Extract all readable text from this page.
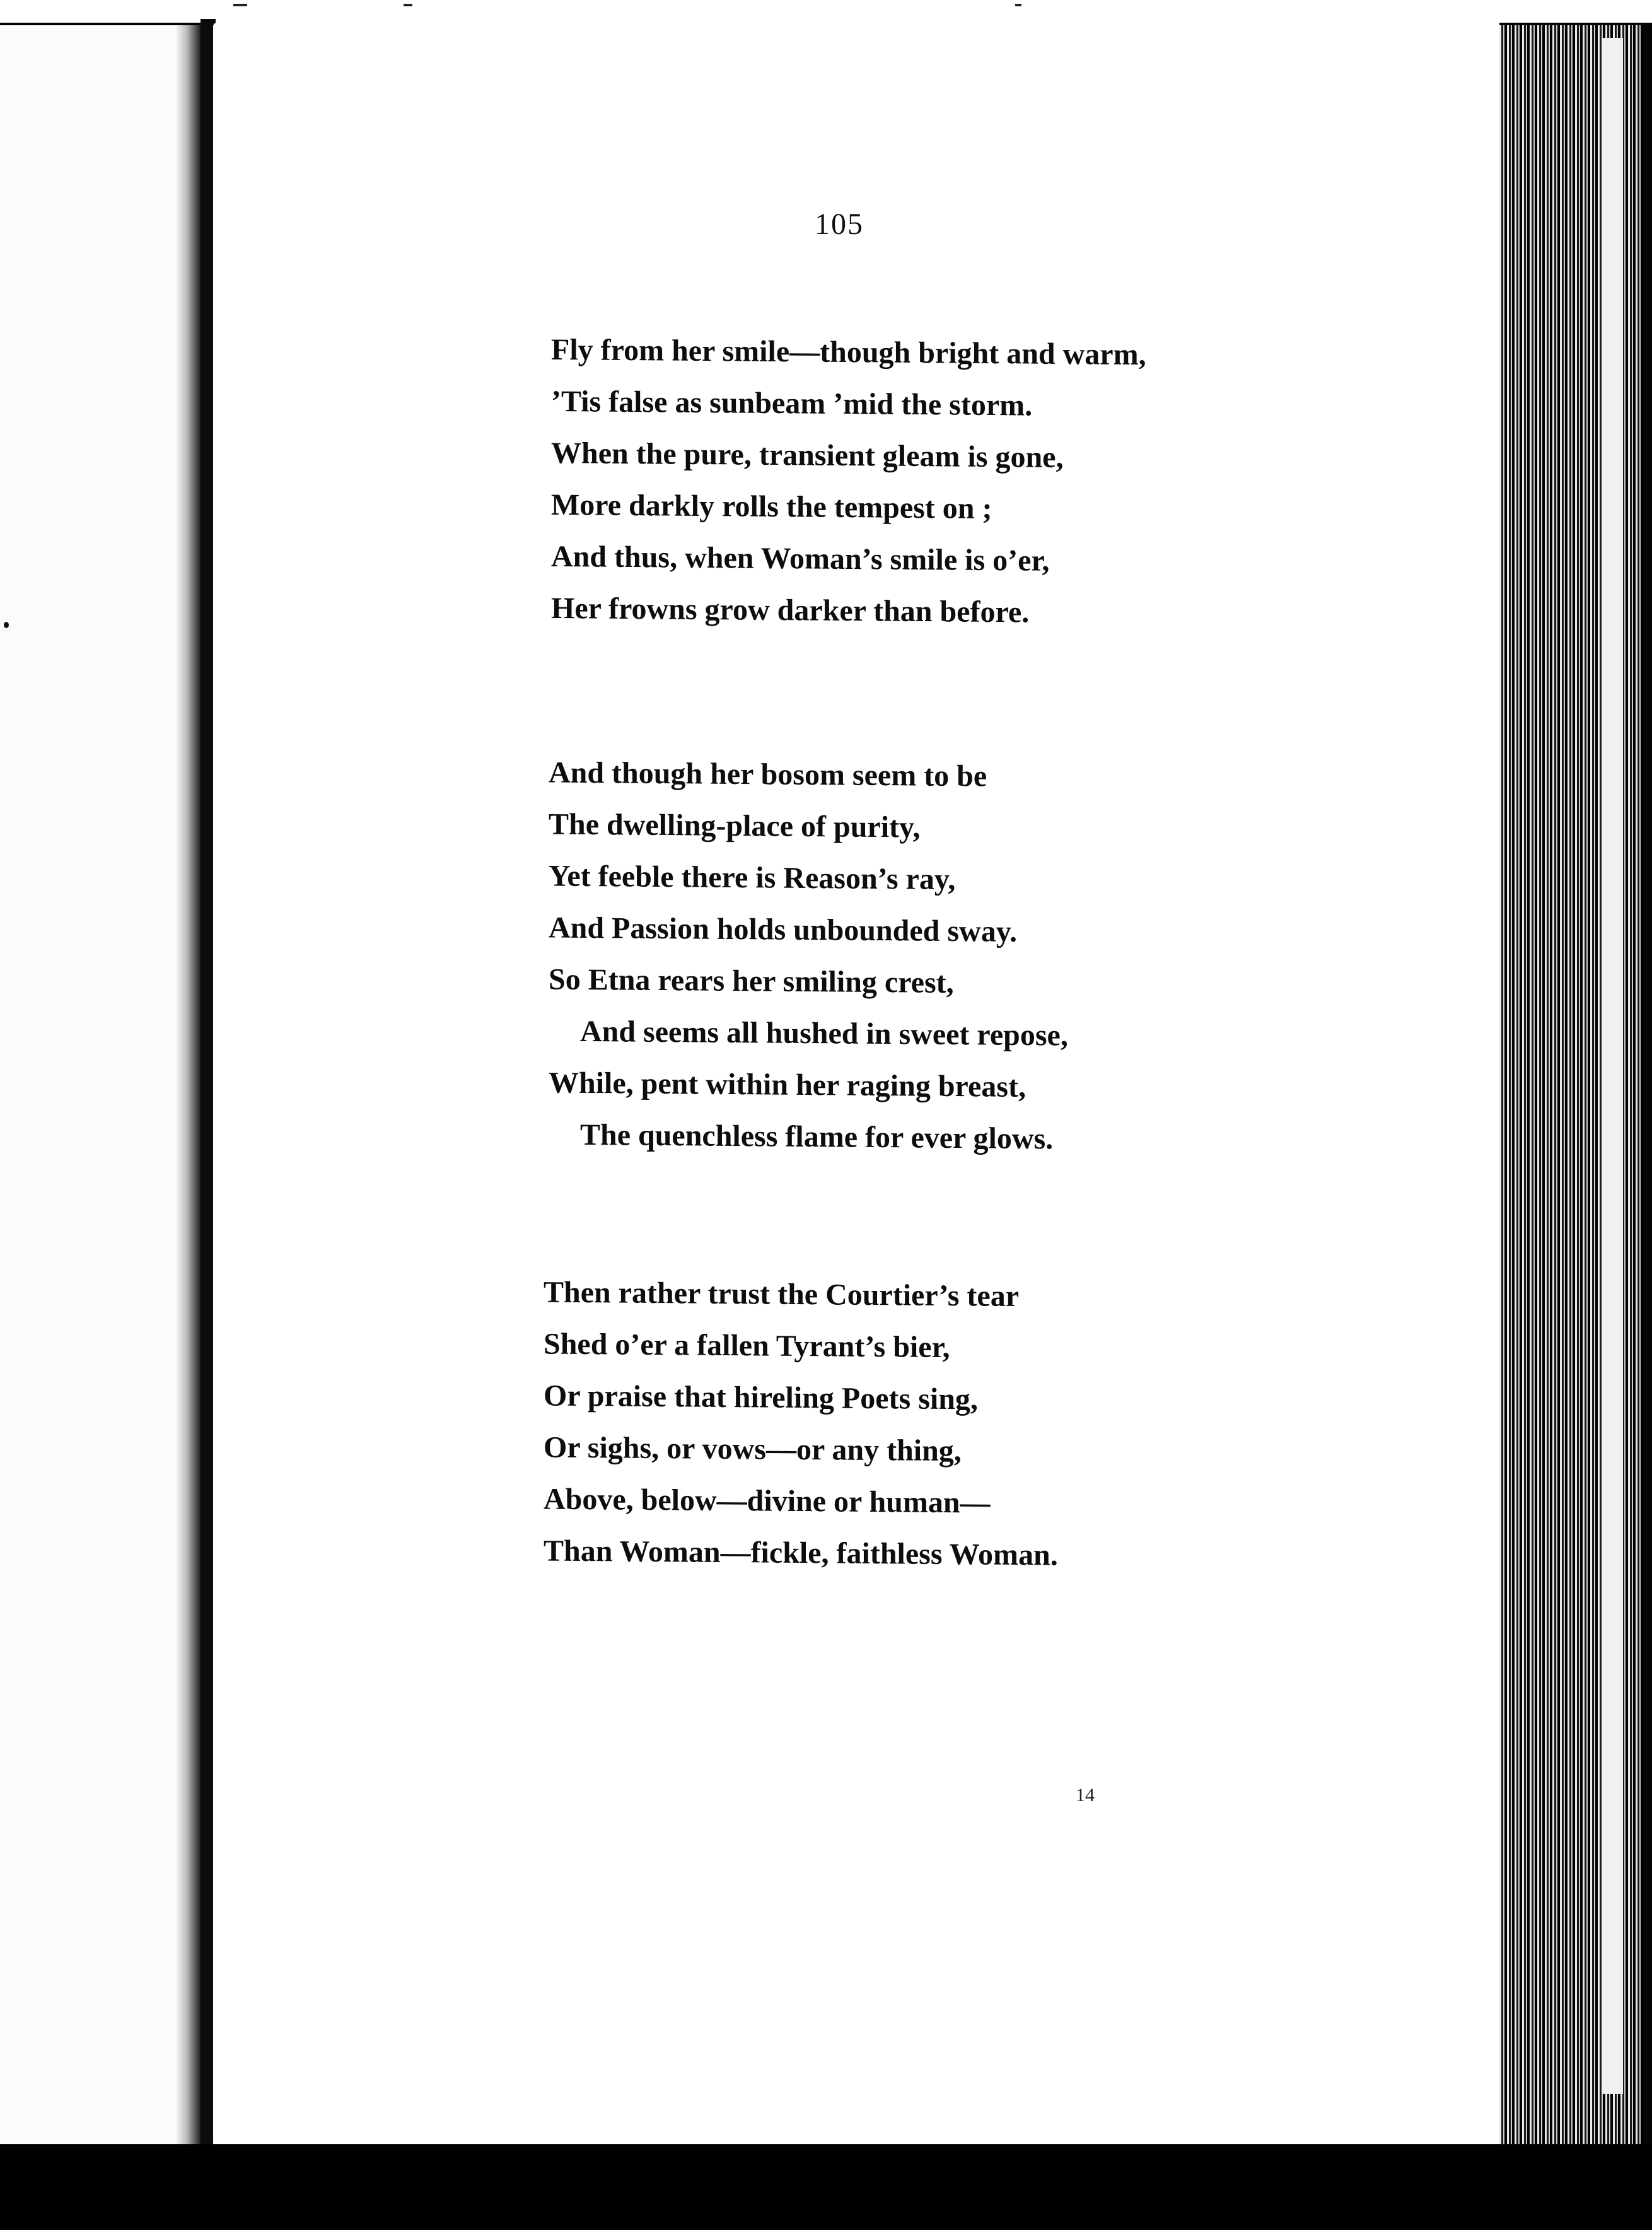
105
Fly from her smile—though bright and warm,
’Tis false as sunbeam ’mid the storm.
When the pure, transient gleam is gone,
More darkly rolls the tempest on ;
And thus, when Woman’s smile is o’er,
Her frowns grow darker than before.
And though her bosom seem to be
The dwelling-place of purity,
Yet feeble there is Reason’s ray,
And Passion holds unbounded sway.
So Etna rears her smiling crest,
And seems all hushed in sweet repose,
While, pent within her raging breast,
The quenchless flame for ever glows.
Then rather trust the Courtier’s tear
Shed o’er a fallen Tyrant’s bier,
Or praise that hireling Poets sing,
Or sighs, or vows—or any thing,
Above, below—divine or human—
Than Woman—fickle, faithless Woman.
14
